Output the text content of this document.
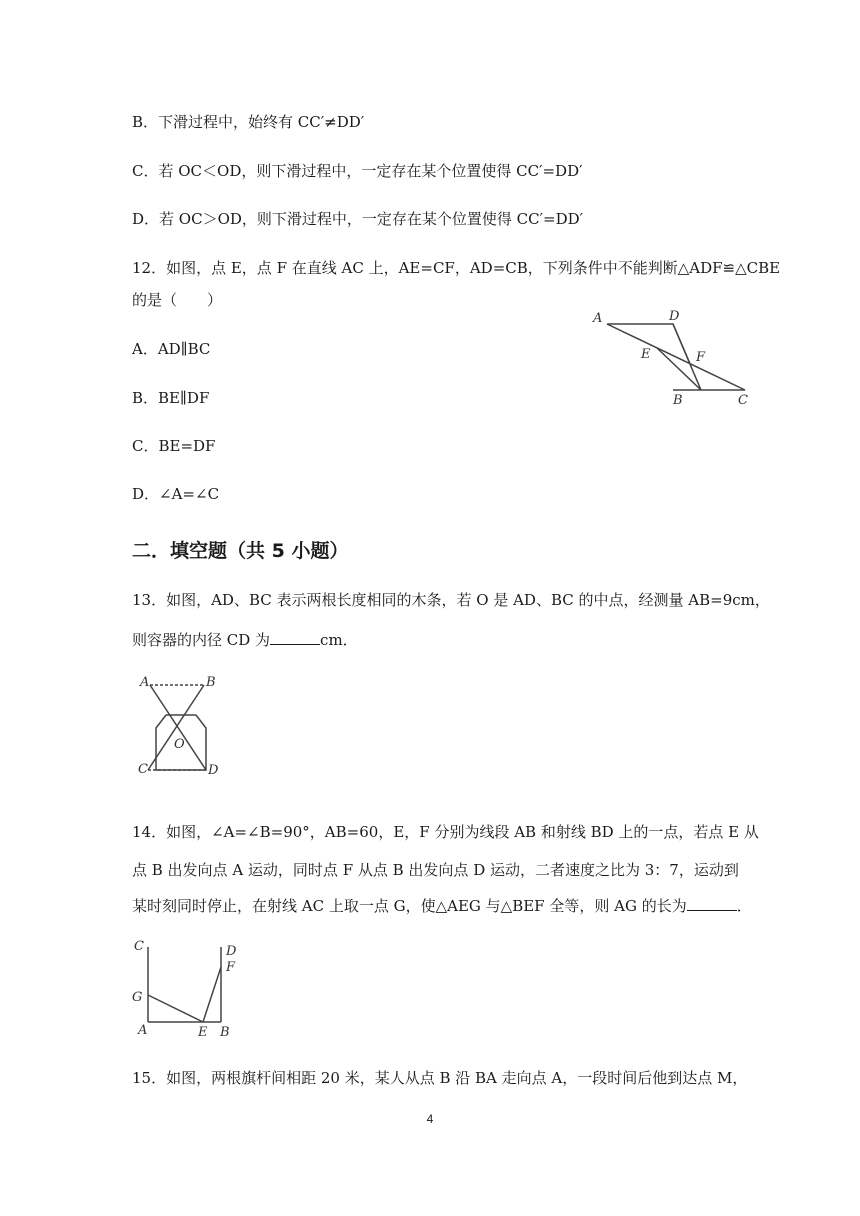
B．下滑过程中，始终有 CC′≠DD′
C．若 OC＜OD，则下滑过程中，一定存在某个位置使得 CC′=DD′
D．若 OC＞OD，则下滑过程中，一定存在某个位置使得 CC′=DD′
12．如图，点 E，点 F 在直线 AC 上，AE=CF，AD=CB，下列条件中不能判断△ADF≌△CBE
的是（　　）
A．AD∥BC
B．BE∥DF
C．BE=DF
D．∠A=∠C
A	D
E	F
B	C
二．填空题（共 5 小题）
13．如图，AD、BC 表示两根长度相同的木条，若 O 是 AD、BC 的中点，经测量 AB=9cm，
则容器的内径 CD 为	cm．
A	B
O
C	D
14．如图，∠A=∠B=90°，AB=60，E，F 分别为线段 AB 和射线 BD 上的一点，若点 E 从
点 B 出发向点 A 运动，同时点 F 从点 B 出发向点 D 运动，二者速度之比为 3：7，运动到
某时刻同时停止，在射线 AC 上取一点 G，使△AEG 与△BEF 全等，则 AG 的长为	．
C	D
F
G
A	E B
15．如图，两根旗杆间相距 20 米，某人从点 B 沿 BA 走向点 A，一段时间后他到达点 M，
4
